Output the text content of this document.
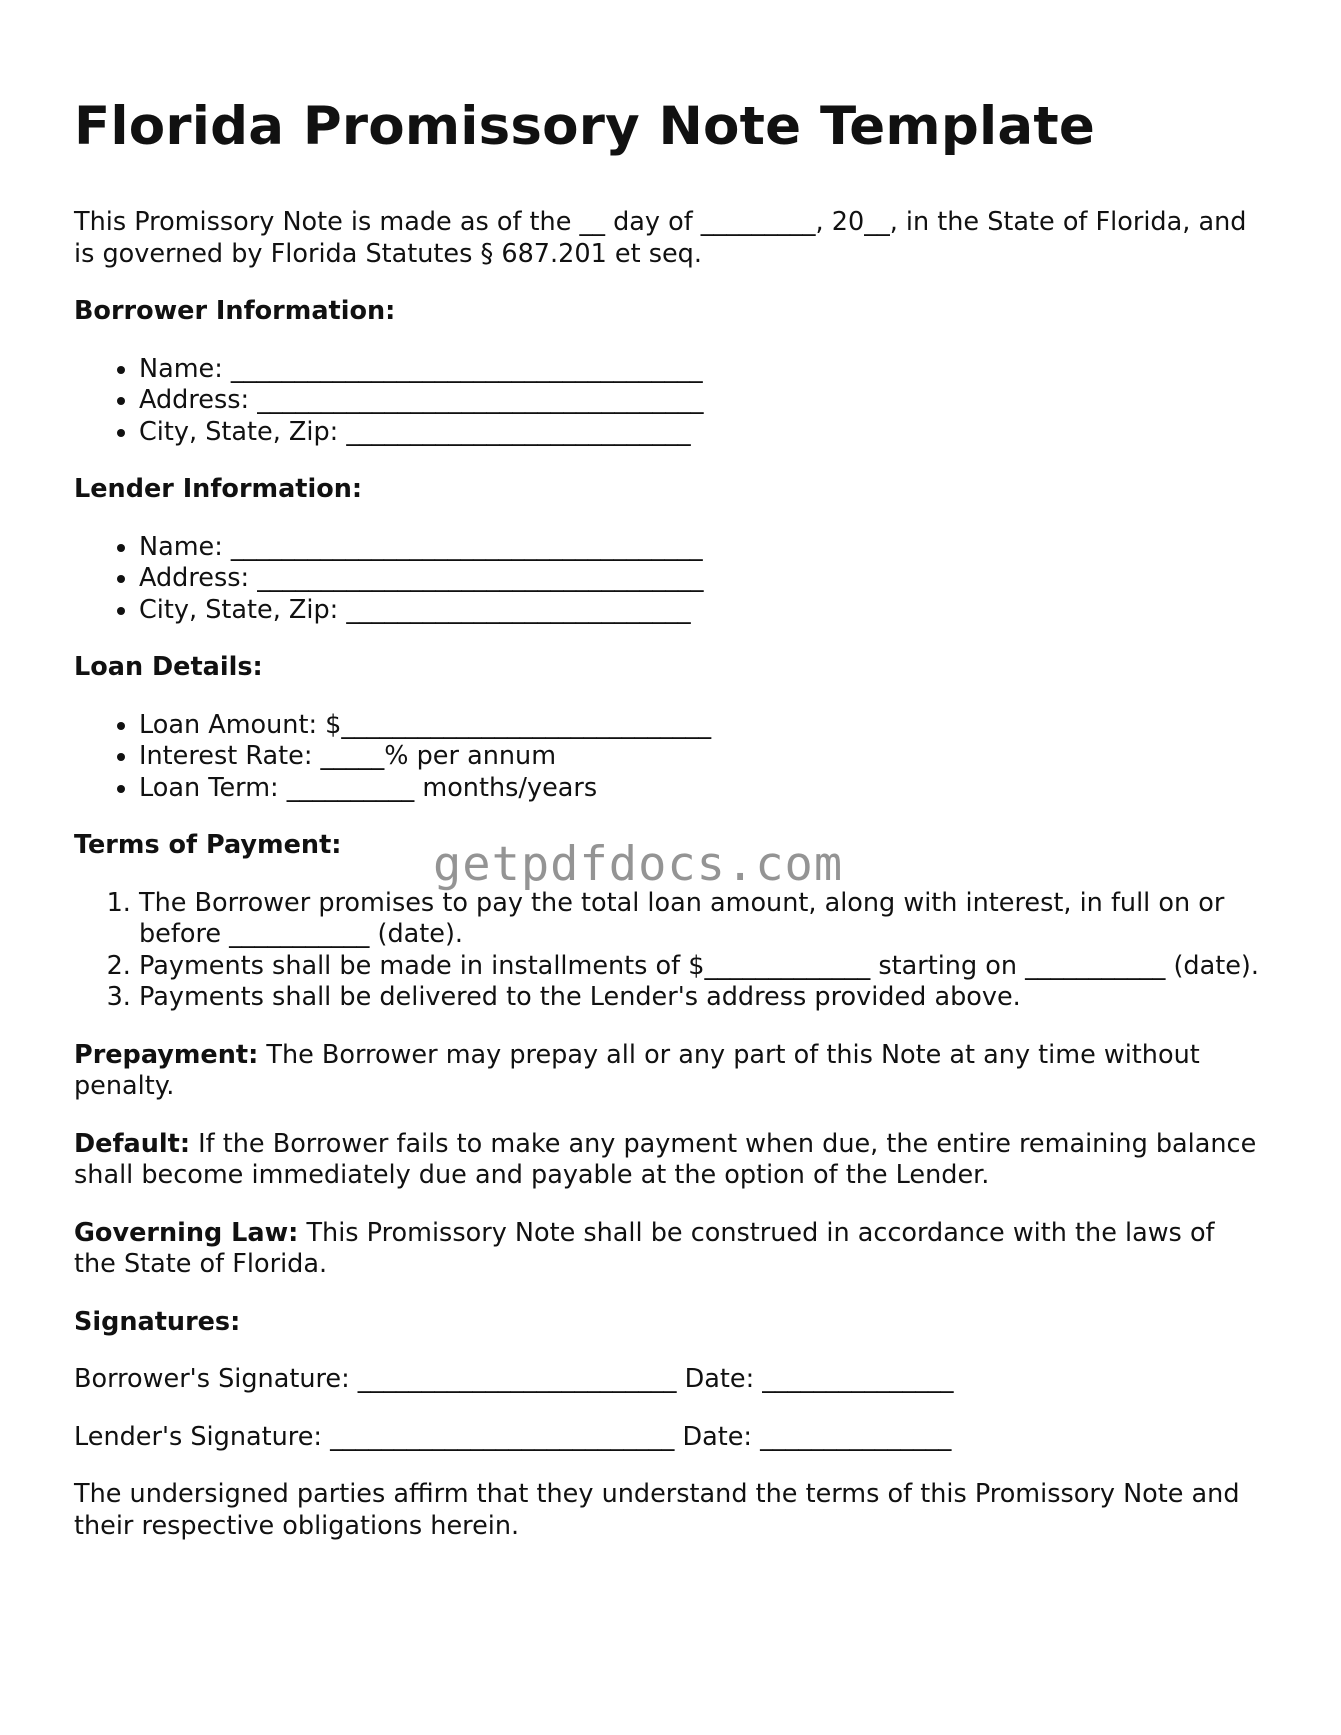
Florida Promissory Note Template

This Promissory Note is made as of the __ day of _________, 20__, in the State of Florida, and is governed by Florida Statutes § 687.201 et seq.

Borrower Information:

• Name: _____________________________________
• Address: ___________________________________
• City, State, Zip: ___________________________

Lender Information:

• Name: _____________________________________
• Address: ___________________________________
• City, State, Zip: ___________________________

Loan Details:

• Loan Amount: $_____________________________
• Interest Rate: _____% per annum
• Loan Term: __________ months/years

Terms of Payment:

1. The Borrower promises to pay the total loan amount, along with interest, in full on or before ___________ (date).
2. Payments shall be made in installments of $_____________ starting on ___________ (date).
3. Payments shall be delivered to the Lender's address provided above.

Prepayment: The Borrower may prepay all or any part of this Note at any time without penalty.

Default: If the Borrower fails to make any payment when due, the entire remaining balance shall become immediately due and payable at the option of the Lender.

Governing Law: This Promissory Note shall be construed in accordance with the laws of the State of Florida.

Signatures:

Borrower's Signature: _________________________ Date: _______________

Lender's Signature: ___________________________ Date: _______________

The undersigned parties affirm that they understand the terms of this Promissory Note and their respective obligations herein.

getpdfdocs.com
